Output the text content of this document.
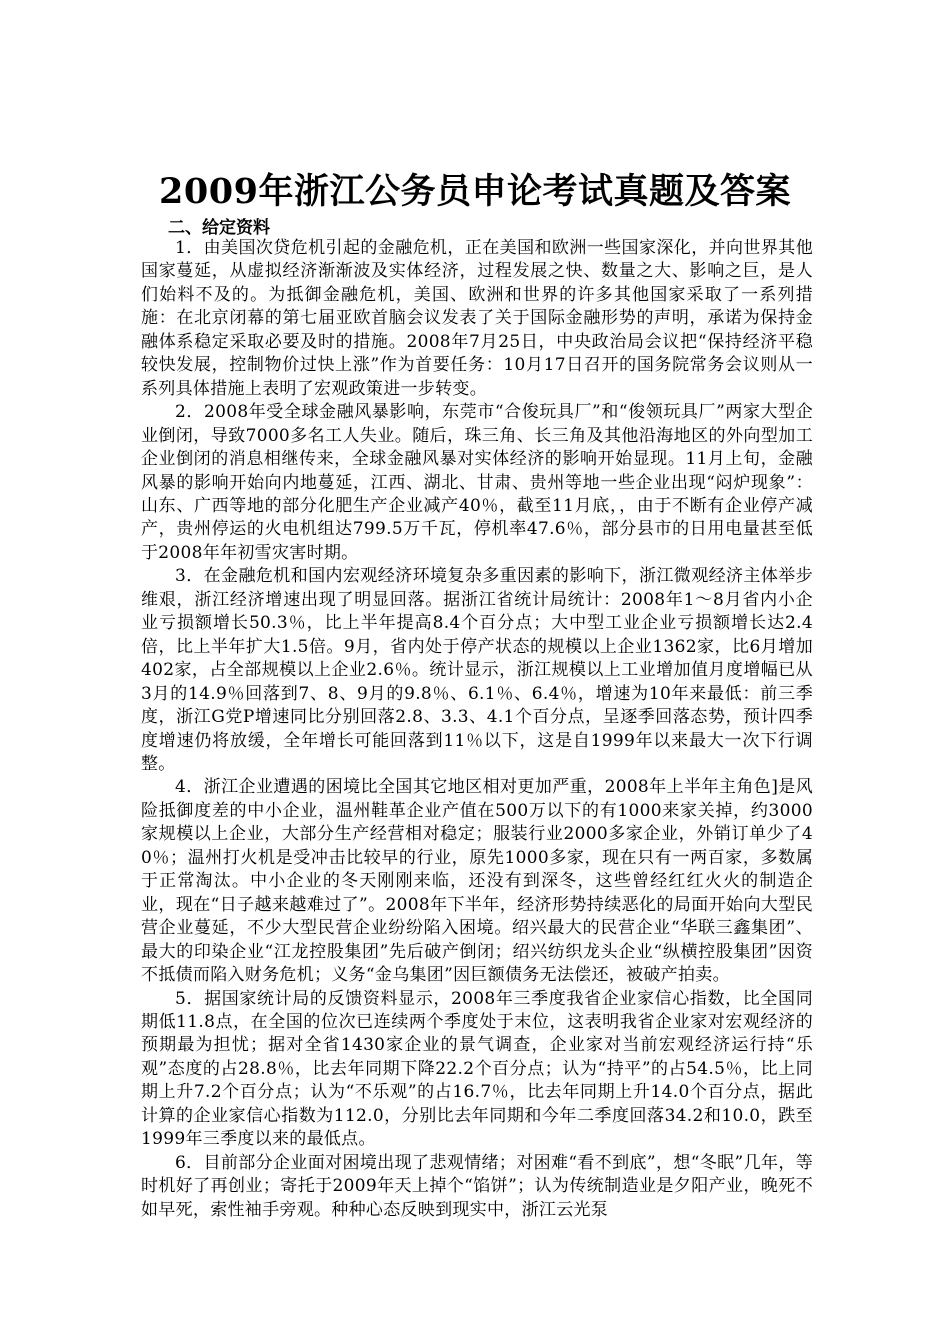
2009年浙江公务员申论考试真题及答案
二、给定资料

1．由美国次贷危机引起的金融危机，正在美国和欧洲一些国家深化，并向世界其他国家蔓延，从虚拟经济渐渐波及实体经济，过程发展之快、数量之大、影响之巨，是人们始料不及的。为抵御金融危机，美国、欧洲和世界的许多其他国家采取了一系列措施：在北京闭幕的第七届亚欧首脑会议发表了关于国际金融形势的声明，承诺为保持金融体系稳定采取必要及时的措施。2008年7月25日，中央政治局会议把“保持经济平稳较快发展，控制物价过快上涨”作为首要任务：10月17日召开的国务院常务会议则从一系列具体措施上表明了宏观政策进一步转变。

2．2008年受全球金融风暴影响，东莞市“合俊玩具厂”和“俊领玩具厂”两家大型企业倒闭，导致7000多名工人失业。随后，珠三角、长三角及其他沿海地区的外向型加工企业倒闭的消息相继传来，全球金融风暴对实体经济的影响开始显现。11月上旬，金融风暴的影响开始向内地蔓延，江西、湖北、甘肃、贵州等地一些企业出现“闷炉现象”：山东、广西等地的部分化肥生产企业减产40％，截至11月底，，由于不断有企业停产减产，贵州停运的火电机组达799.5万千瓦，停机率47.6％，部分县市的日用电量甚至低于2008年年初雪灾害时期。

3．在金融危机和国内宏观经济环境复杂多重因素的影响下，浙江微观经济主体举步维艰，浙江经济增速出现了明显回落。据浙江省统计局统计：2008年1～8月省内小企业亏损额增长50.3％，比上半年提高8.4个百分点；大中型工业企业亏损额增长达2.4倍，比上半年扩大1.5倍。9月，省内处于停产状态的规模以上企业1362家，比6月增加402家，占全部规模以上企业2.6％。统计显示，浙江规模以上工业增加值月度增幅已从3月的14.9％回落到7、8、9月的9.8％、6.1％、6.4％，增速为10年来最低：前三季度，浙江G党P增速同比分别回落2.8、3.3、4.1个百分点，呈逐季回落态势，预计四季度增速仍将放缓，全年增长可能回落到11％以下，这是自1999年以来最大一次下行调整。

4．浙江企业遭遇的困境比全国其它地区相对更加严重，2008年上半年主角色]是风险抵御度差的中小企业，温州鞋革企业产值在500万以下的有1000来家关掉，约3000家规模以上企业，大部分生产经营相对稳定；服装行业2000多家企业，外销订单少了40％；温州打火机是受冲击比较早的行业，原先1000多家，现在只有一两百家，多数属于正常淘汰。中小企业的冬天刚刚来临，还没有到深冬，这些曾经红红火火的制造企业，现在“日子越来越难过了”。2008年下半年，经济形势持续恶化的局面开始向大型民营企业蔓延，不少大型民营企业纷纷陷入困境。绍兴最大的民营企业“华联三鑫集团”、最大的印染企业“江龙控股集团”先后破产倒闭；绍兴纺织龙头企业“纵横控股集团”因资不抵债而陷入财务危机；义务“金乌集团”因巨额债务无法偿还，被破产拍卖。

5．据国家统计局的反馈资料显示，2008年三季度我省企业家信心指数，比全国同期低11.8点，在全国的位次已连续两个季度处于末位，这表明我省企业家对宏观经济的预期最为担忧；据对全省1430家企业的景气调查，企业家对当前宏观经济运行持“乐观”态度的占28.8％，比去年同期下降22.2个百分点；认为“持平”的占54.5％，比上同期上升7.2个百分点；认为“不乐观”的占16.7％，比去年同期上升14.0个百分点，据此计算的企业家信心指数为112.0，分别比去年同期和今年二季度回落34.2和10.0，跌至1999年三季度以来的最低点。

6．目前部分企业面对困境出现了悲观情绪；对困难“看不到底”，想“冬眠”几年，等时机好了再创业；寄托于2009年天上掉个“馅饼”；认为传统制造业是夕阳产业，晚死不如早死，索性袖手旁观。种种心态反映到现实中，浙江云光泵
